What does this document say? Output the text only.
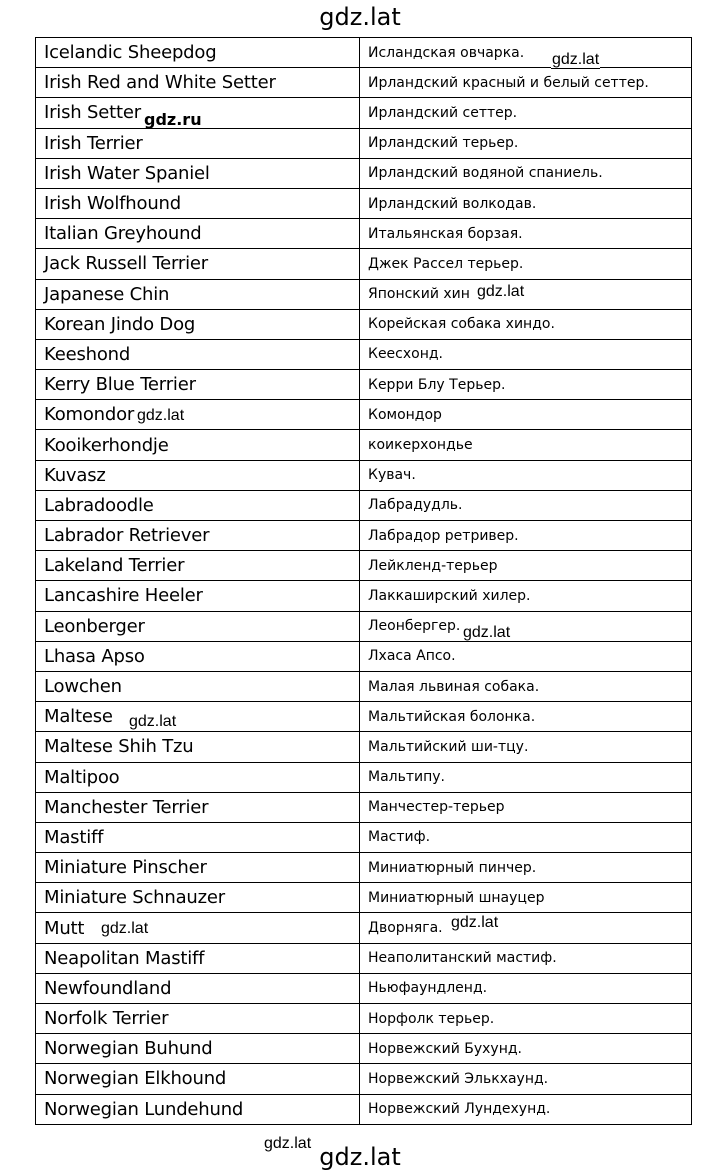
gdz.lat
Icelandic Sheepdog	Исландская овчарка.
Irish Red and White Setter	Ирландский красный и белый сеттер.
Irish Setter	Ирландский сеттер.
Irish Terrier	Ирландский терьер.
Irish Water Spaniel	Ирландский водяной спаниель.
Irish Wolfhound	Ирландский волкодав.
Italian Greyhound	Итальянская борзая.
Jack Russell Terrier	Джек Рассел терьер.
Japanese Chin	Японский хин
Korean Jindo Dog	Корейская собака хиндо.
Keeshond	Кеесхонд.
Kerry Blue Terrier	Керри Блу Терьер.
Komondor	Комондор
Kooikerhondje	коикерхондье
Kuvasz	Кувач.
Labradoodle	Лабрадудль.
Labrador Retriever	Лабрадор ретривер.
Lakeland Terrier	Лейкленд-терьер
Lancashire Heeler	Лаккаширский хилер.
Leonberger	Леонбергер.
Lhasa Apso	Лхаса Апсо.
Lowchen	Малая львиная собака.
Maltese	Мальтийская болонка.
Maltese Shih Tzu	Мальтийский ши-тцу.
Maltipoo	Мальтипу.
Manchester Terrier	Манчестер-терьер
Mastiff	Мастиф.
Miniature Pinscher	Миниатюрный пинчер.
Miniature Schnauzer	Миниатюрный шнауцер
Mutt	Дворняга.
Neapolitan Mastiff	Неаполитанский мастиф.
Newfoundland	Ньюфаундленд.
Norfolk Terrier	Норфолк терьер.
Norwegian Buhund	Норвежский Бухунд.
Norwegian Elkhound	Норвежский Элькхаунд.
Norwegian Lundehund	Норвежский Лундехунд.
gdz.lat
gdz.ru
gdz.lat
gdz.lat
gdz.lat
gdz.lat
gdz.lat	gdz.lat
gdz.lat gdz.lat
